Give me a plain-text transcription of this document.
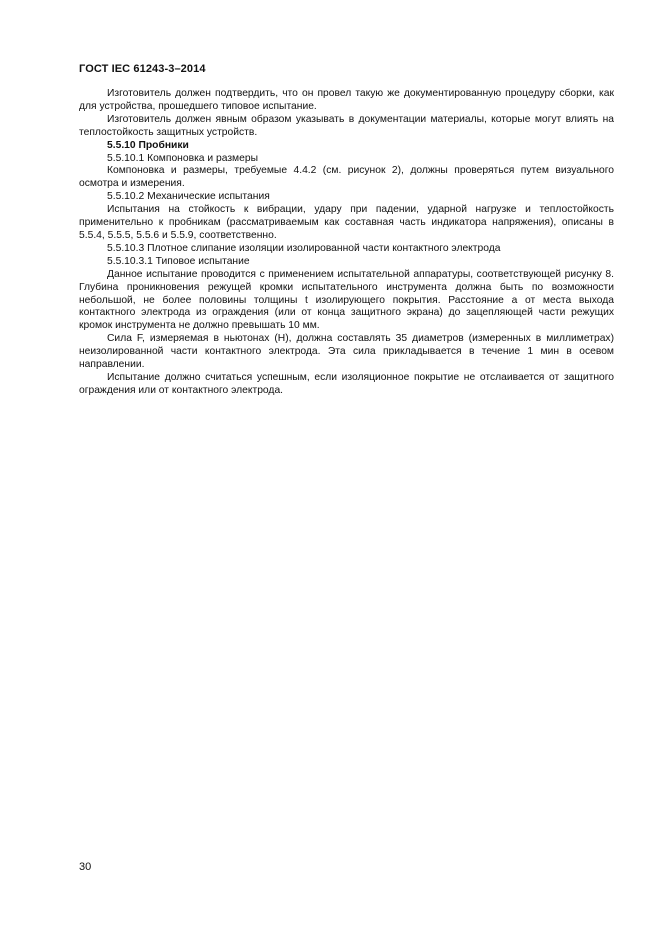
ГОСТ IEC 61243-3–2014

Изготовитель должен подтвердить, что он провел такую же документированную процедуру сборки, как для устройства, прошедшего типовое испытание.

Изготовитель должен явным образом указывать в документации материалы, которые могут влиять на теплостойкость защитных устройств.

5.5.10 Пробники

5.5.10.1 Компоновка и размеры

Компоновка и размеры, требуемые 4.4.2 (см. рисунок 2), должны проверяться путем визуального осмотра и измерения.

5.5.10.2 Механические испытания

Испытания на стойкость к вибрации, удару при падении, ударной нагрузке и теплостойкость применительно к пробникам (рассматриваемым как составная часть индикатора напряжения), описаны в 5.5.4, 5.5.5, 5.5.6 и 5.5.9, соответственно.

5.5.10.3 Плотное слипание изоляции изолированной части контактного электрода

5.5.10.3.1 Типовое испытание

Данное испытание проводится с применением испытательной аппаратуры, соответствующей рисунку 8. Глубина проникновения режущей кромки испытательного инструмента должна быть по возможности небольшой, не более половины толщины t изолирующего покрытия. Расстояние a от места выхода контактного электрода из ограждения (или от конца защитного экрана) до зацепляющей части режущих кромок инструмента не должно превышать 10 мм.

Сила F, измеряемая в ньютонах (Н), должна составлять 35 диаметров (измеренных в миллиметрах) неизолированной части контактного электрода. Эта сила прикладывается в течение 1 мин в осевом направлении.

Испытание должно считаться успешным, если изоляционное покрытие не отслаивается от защитного ограждения или от контактного электрода.

30
